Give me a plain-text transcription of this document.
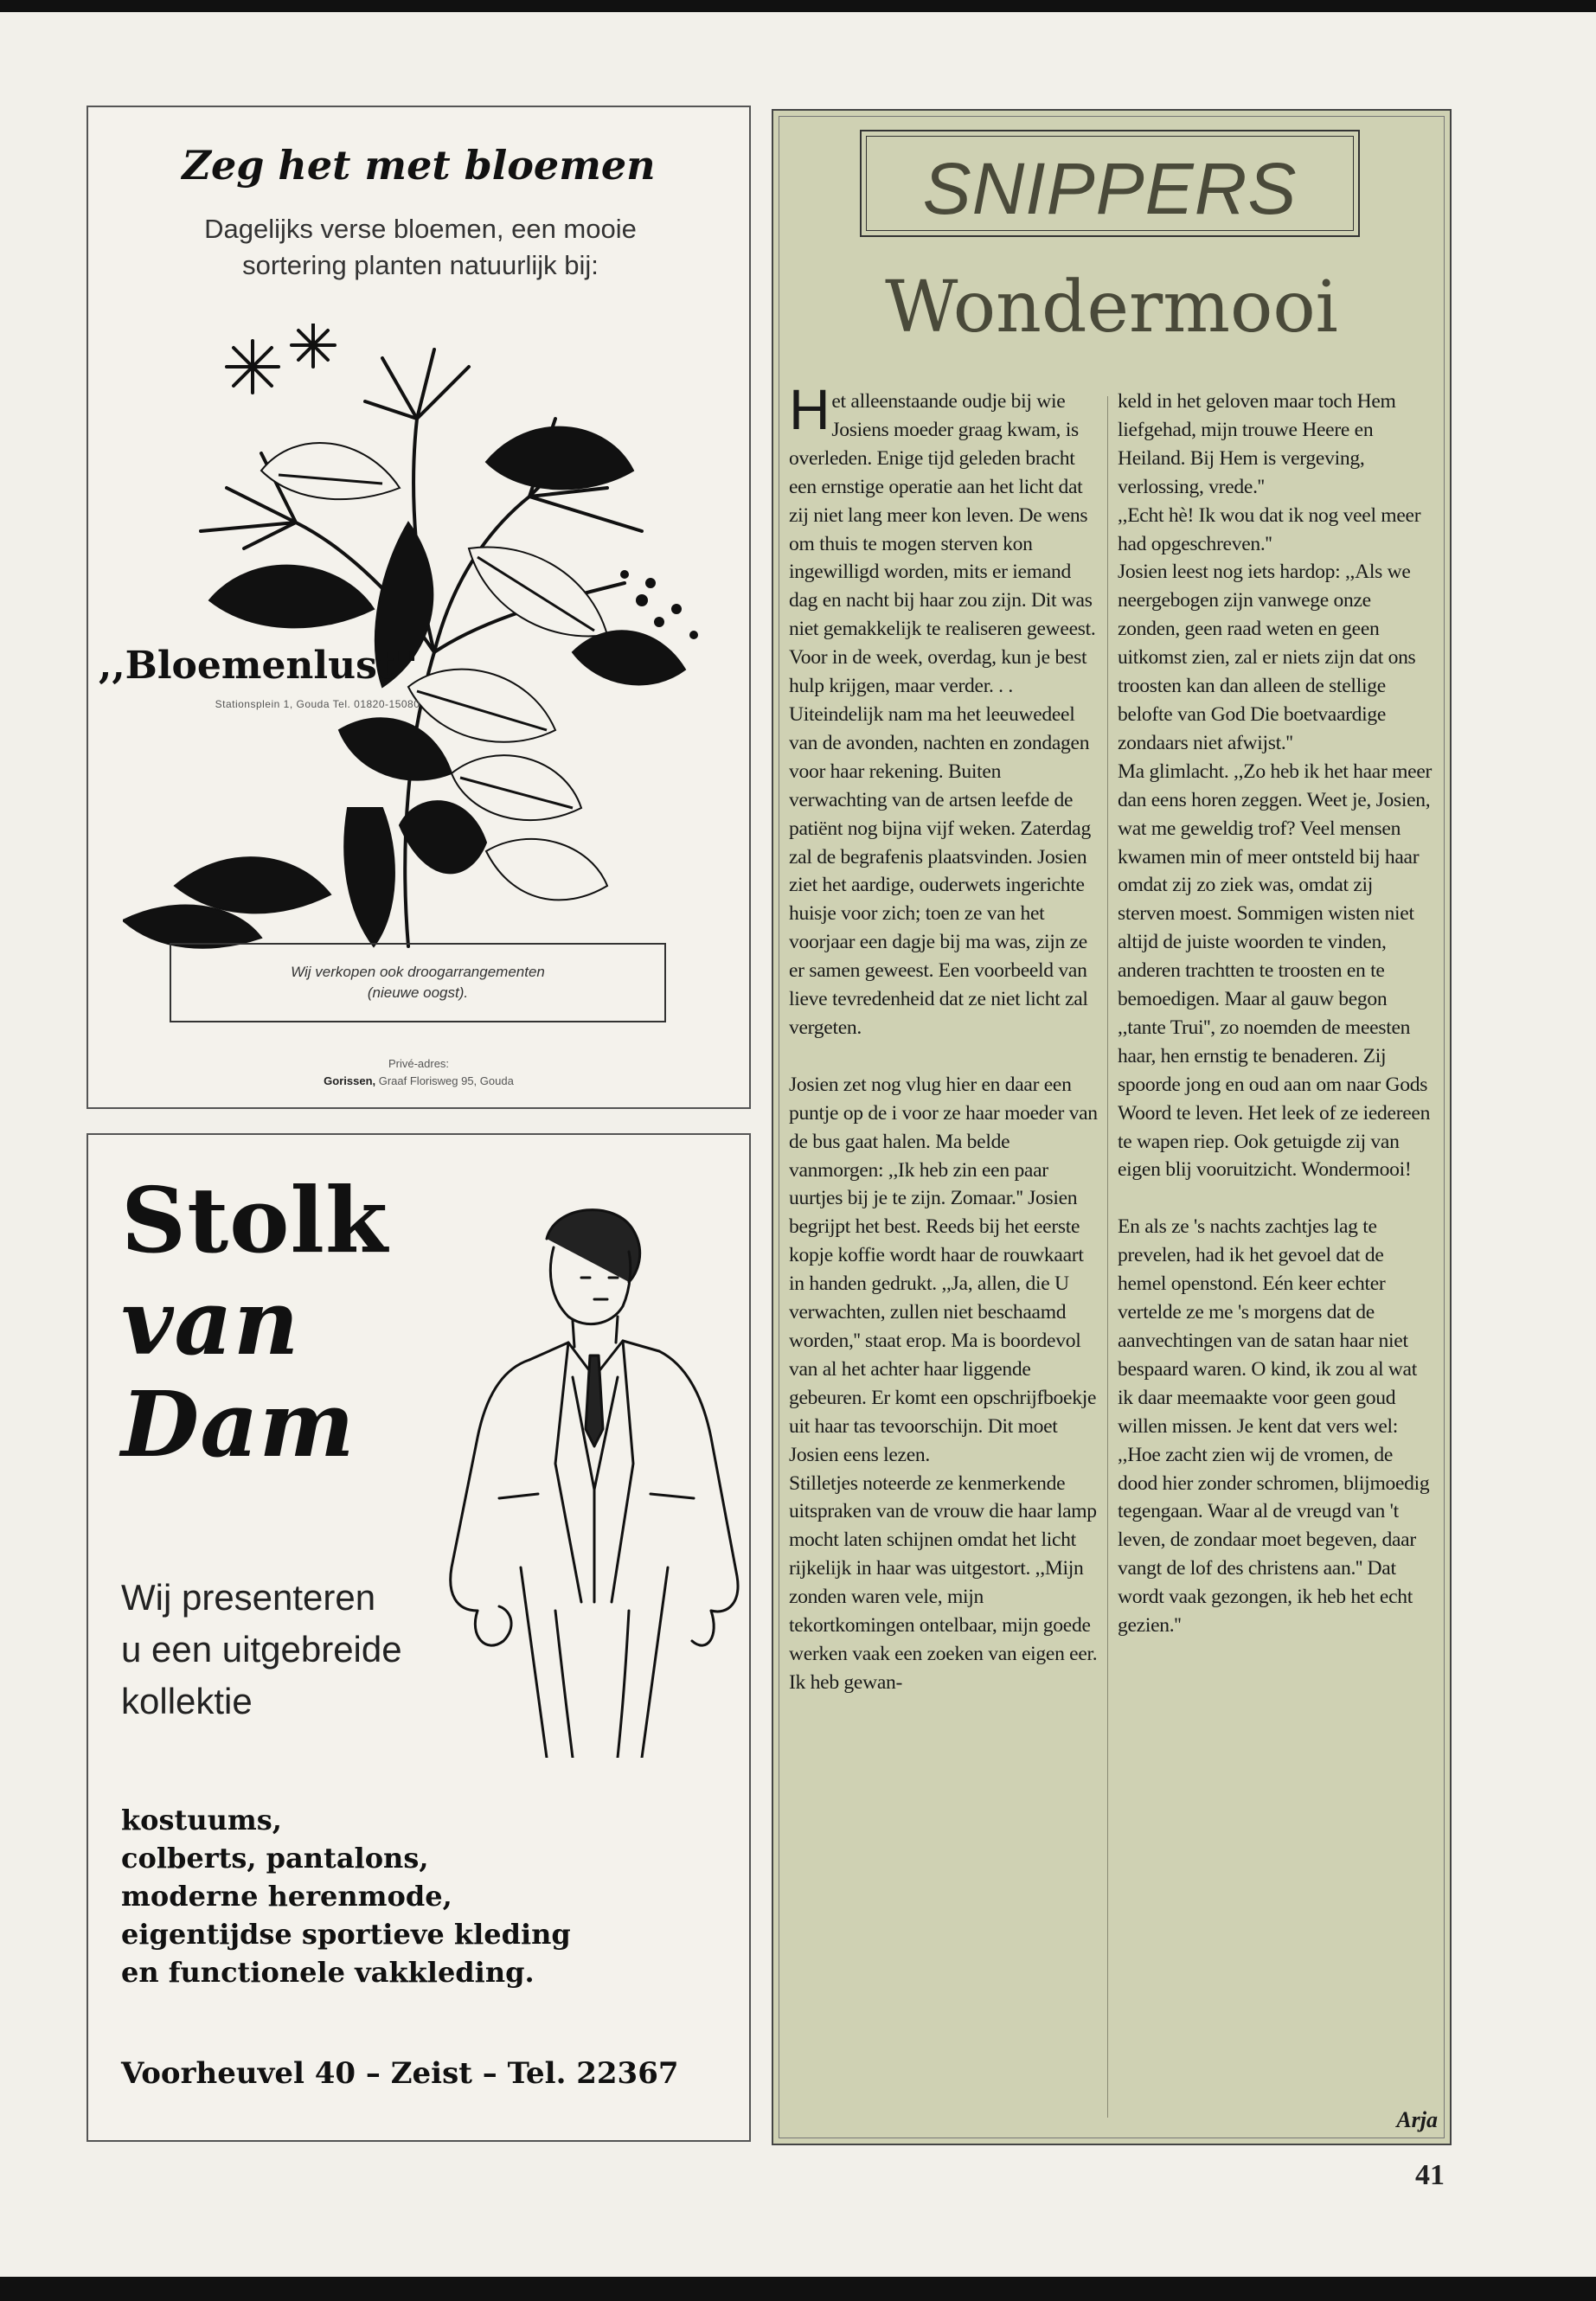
Zeg het met bloemen
Dagelijks verse bloemen, een mooie
sortering planten natuurlijk bij:
,,Bloemenlust''
Stationsplein 1, Gouda Tel. 01820-15080
Wij verkopen ook droogarrangementen
(nieuwe oogst).
Privé-adres:
Gorissen, Graaf Florisweg 95, Gouda
Stolk
van
Dam
Wij presenteren
u een uitgebreide
kollektie
kostuums,
colberts, pantalons,
moderne herenmode,
eigentijdse sportieve kleding
en functionele vakkleding.
Voorheuvel 40 – Zeist – Tel. 22367
SNIPPERS
Wondermooi

Het alleenstaande oudje bij wie Josiens moeder graag kwam, is overleden. Enige tijd geleden bracht een ernstige operatie aan het licht dat zij niet lang meer kon leven. De wens om thuis te mogen sterven kon ingewilligd worden, mits er iemand dag en nacht bij haar zou zijn. Dit was niet gemakkelijk te realiseren geweest. Voor in de week, overdag, kun je best hulp krijgen, maar verder. . . Uiteindelijk nam ma het leeuwedeel van de avonden, nachten en zondagen voor haar rekening. Buiten verwachting van de artsen leefde de patiënt nog bijna vijf weken. Zaterdag zal de begrafenis plaatsvinden. Josien ziet het aardige, ouderwets ingerichte huisje voor zich; toen ze van het voorjaar een dagje bij ma was, zijn ze er samen geweest. Een voorbeeld van lieve tevredenheid dat ze niet licht zal vergeten.

Josien zet nog vlug hier en daar een puntje op de i voor ze haar moeder van de bus gaat halen. Ma belde vanmorgen: ,,Ik heb zin een paar uurtjes bij je te zijn. Zomaar.'' Josien begrijpt het best. Reeds bij het eerste kopje koffie wordt haar de rouwkaart in handen gedrukt. ,,Ja, allen, die U verwachten, zullen niet beschaamd worden,'' staat erop. Ma is boordevol van al het achter haar liggende gebeuren. Er komt een opschrijfboekje uit haar tas tevoorschijn. Dit moet Josien eens lezen.

Stilletjes noteerde ze kenmerkende uitspraken van de vrouw die haar lamp mocht laten schijnen omdat het licht rijkelijk in haar was uitgestort. ,,Mijn zonden waren vele, mijn tekortkomingen ontelbaar, mijn goede werken vaak een zoeken van eigen eer. Ik heb gewan-

keld in het geloven maar toch Hem liefgehad, mijn trouwe Heere en Heiland. Bij Hem is vergeving, verlossing, vrede.''

,,Echt hè! Ik wou dat ik nog veel meer had opgeschreven.''

Josien leest nog iets hardop: ,,Als we neergebogen zijn vanwege onze zonden, geen raad weten en geen uitkomst zien, zal er niets zijn dat ons troosten kan dan alleen de stellige belofte van God Die boetvaardige zondaars niet afwijst.''

Ma glimlacht. ,,Zo heb ik het haar meer dan eens horen zeggen. Weet je, Josien, wat me geweldig trof? Veel mensen kwamen min of meer ontsteld bij haar omdat zij zo ziek was, omdat zij sterven moest. Sommigen wisten niet altijd de juiste woorden te vinden, anderen trachtten te troosten en te bemoedigen. Maar al gauw begon ,,tante Trui'', zo noemden de meesten haar, hen ernstig te benaderen. Zij spoorde jong en oud aan om naar Gods Woord te leven. Het leek of ze iedereen te wapen riep. Ook getuigde zij van eigen blij vooruitzicht. Wondermooi!

En als ze 's nachts zachtjes lag te prevelen, had ik het gevoel dat de hemel openstond. Eén keer echter vertelde ze me 's morgens dat de aanvechtingen van de satan haar niet bespaard waren. O kind, ik zou al wat ik daar meemaakte voor geen goud willen missen. Je kent dat vers wel: ,,Hoe zacht zien wij de vromen, de dood hier zonder schromen, blijmoedig tegengaan. Waar al de vreugd van 't leven, de zondaar moet begeven, daar vangt de lof des christens aan.'' Dat wordt vaak gezongen, ik heb het echt gezien.''

Arja
41
